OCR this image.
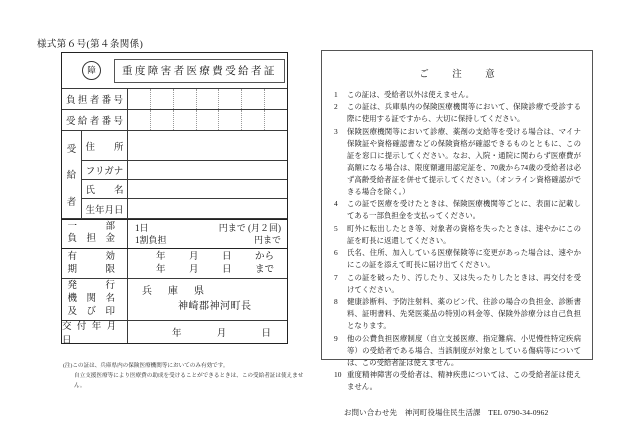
様式第６号(第４条関係)
障	重度障害者医療費受給者証
負 担 者 番 号
受 給 者 番 号
受
給
者
住　　所
フリガナ
氏　　名
生年月日
一　　　部
負　担　金
1日	円まで (月２回)
1割負担	円まで
有　　　効
期　　　限
年 月 日 から
年 月 日 まで
発　　　行
機　関　名
及　び　印
兵　庫　県
神崎郡神河町長
交 付 年 月 日
年	月	日
(注)この証は、兵庫県内の保険医療機関等においてのみ有効です。
自立支援医療等により医療費の助成を受けることができるときは、この受給者証は使えません。
ご　注　意
1	この証は、受給者以外は使えません。
2	この証は、兵庫県内の保険医療機関等において、保険診療で受診する際に使用する証ですから、大切に保持してください。
3	保険医療機関等において診療、薬剤の支給等を受ける場合は、マイナ保険証や資格確認書などの保険資格が確認できるものとともに、この証を窓口に提示してください。なお、入院・通院に関わらず医療費が高額になる場合は、限度額適用認定証を、70歳から74歳の受給者は必ず高齢受給者証を併せて提示してください。（オンライン資格確認ができる場合を除く。）
4	この証で医療を受けたときは、保険医療機関等ごとに、表面に記載してある一部負担金を支払ってください。
5	町外に転出したとき等、対象者の資格を失ったときは、速やかにこの証を町長に返還してください。
6	氏名、住所、加入している医療保険等に変更があった場合は、速やかにこの証を添えて町長に届け出てください。
7	この証を破ったり、汚したり、又は失ったりしたときは、再交付を受けてください。
8	健康診断料、予防注射料、薬のビン代、往診の場合の負担金、診断書料、証明書料、先発医薬品の特別の料金等、保険外診療分は自己負担となります。
9	他の公費負担医療制度（自立支援医療、指定難病、小児慢性特定疾病等）の受給者である場合、当該制度が対象としている傷病等については、この受給者証は使えません。
10 重度精神障害の受給者は、精神疾患については、この受給者証は使えません。
お問い合わせ先　神河町役場住民生活課　TEL 0790-34-0962
